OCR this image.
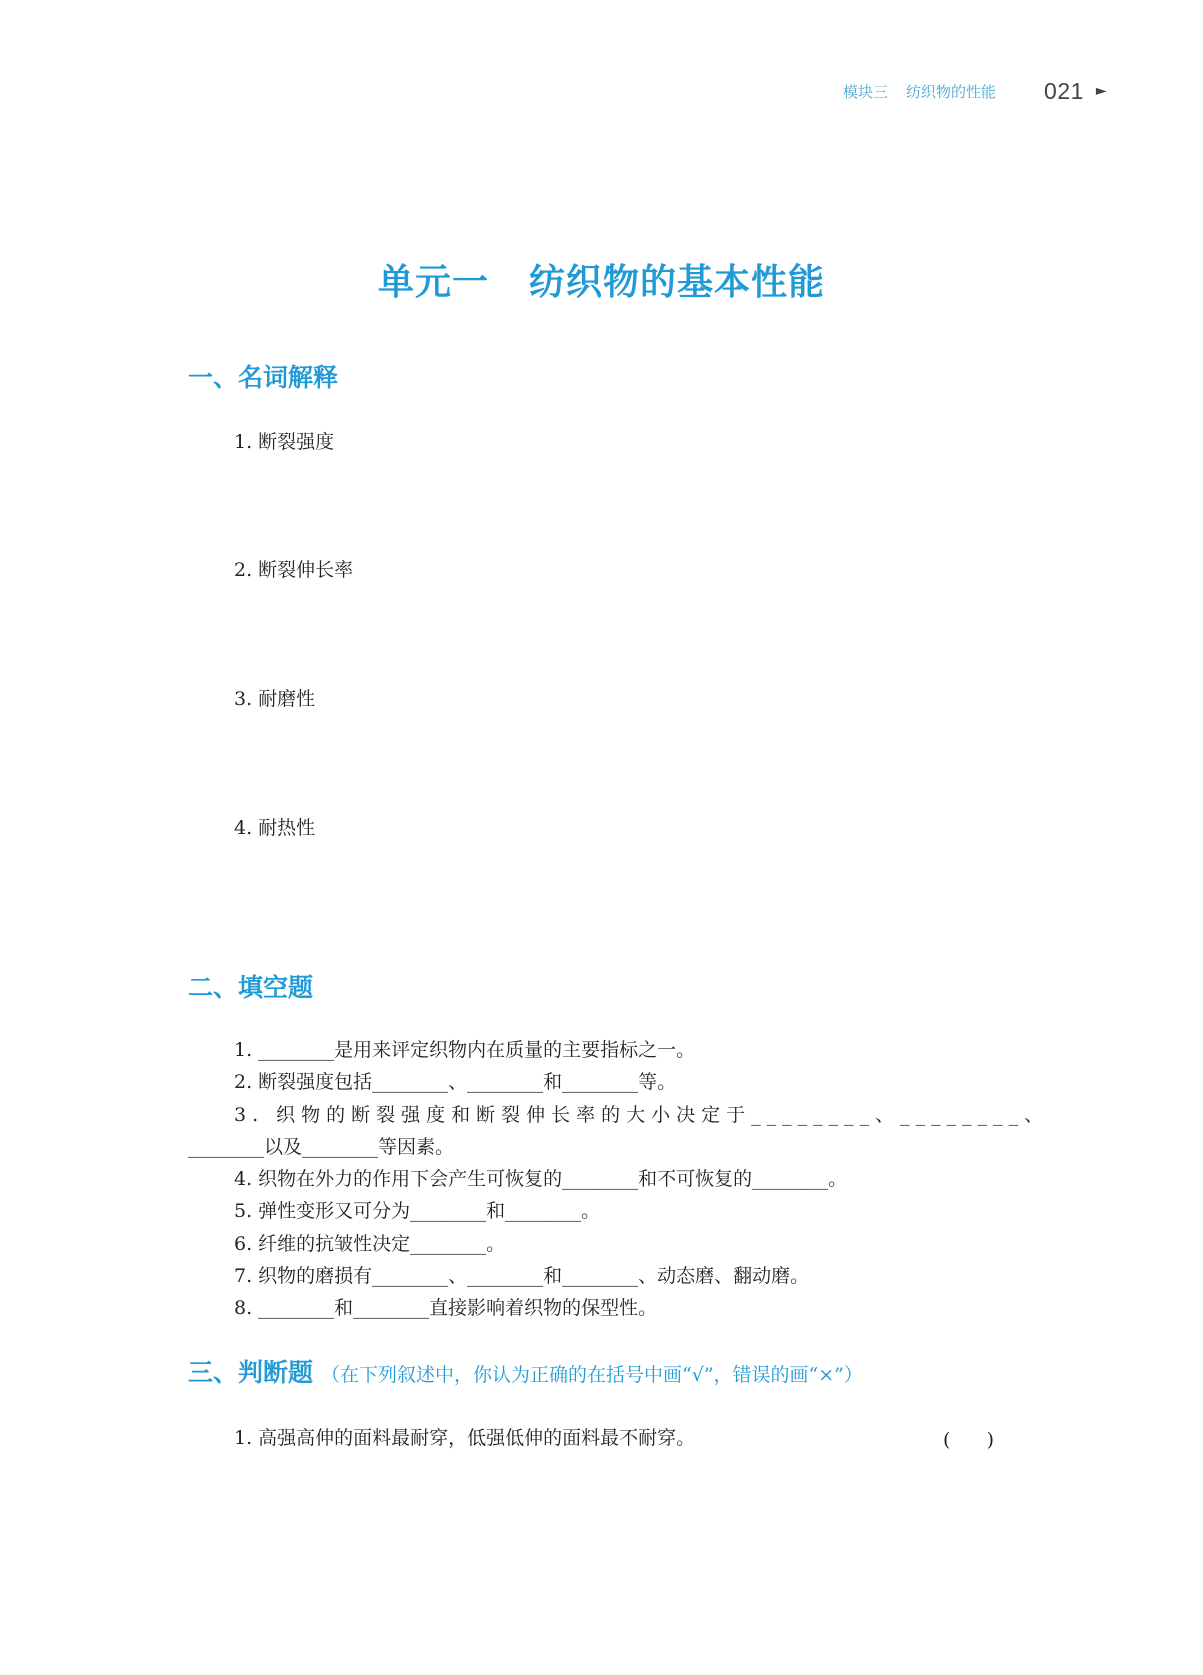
模块三 纺织物的性能 021 ►
单元一 纺织物的基本性能
一、名词解释
1. 断裂强度
2. 断裂伸长率
3. 耐磨性
4. 耐热性
二、填空题
1. ________是用来评定织物内在质量的主要指标之一。
2. 断裂强度包括________、________和________等。
3. 织物的断裂强度和断裂伸长率的大小决定于________、________、
________以及________等因素。
4. 织物在外力的作用下会产生可恢复的________和不可恢复的________。
5. 弹性变形又可分为________和________。
6. 纤维的抗皱性决定________。
7. 织物的磨损有________、________和________、动态磨、翻动磨。
8. ________和________直接影响着织物的保型性。
三、判断题 （在下列叙述中，你认为正确的在括号中画“√”，错误的画“×”）
1. 高强高伸的面料最耐穿，低强低伸的面料最不耐穿。	(      )
